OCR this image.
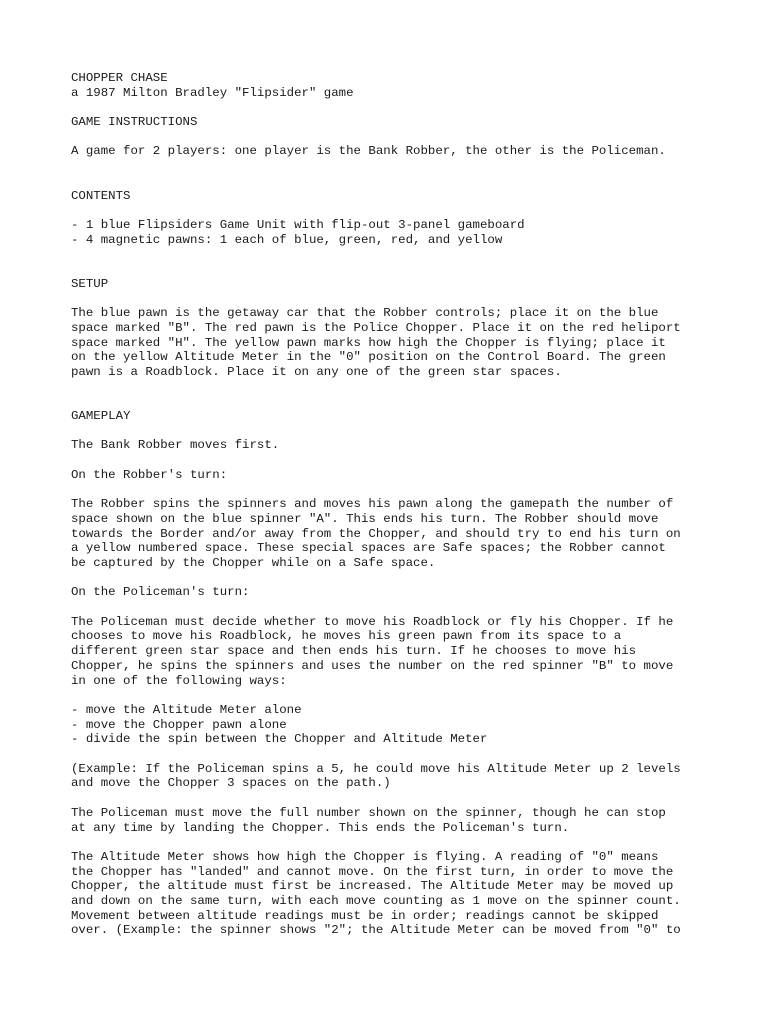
CHOPPER CHASE
a 1987 Milton Bradley "Flipsider" game
GAME INSTRUCTIONS
A game for 2 players: one player is the Bank Robber, the other is the Policeman.
CONTENTS
- 1 blue Flipsiders Game Unit with flip-out 3-panel gameboard
- 4 magnetic pawns: 1 each of blue, green, red, and yellow
SETUP
The blue pawn is the getaway car that the Robber controls; place it on the blue
space marked "B". The red pawn is the Police Chopper. Place it on the red heliport
space marked "H". The yellow pawn marks how high the Chopper is flying; place it
on the yellow Altitude Meter in the "0" position on the Control Board. The green
pawn is a Roadblock. Place it on any one of the green star spaces.
GAMEPLAY
The Bank Robber moves first.
On the Robber's turn:
The Robber spins the spinners and moves his pawn along the gamepath the number of
space shown on the blue spinner "A". This ends his turn. The Robber should move
towards the Border and/or away from the Chopper, and should try to end his turn on
a yellow numbered space. These special spaces are Safe spaces; the Robber cannot
be captured by the Chopper while on a Safe space.
On the Policeman's turn:
The Policeman must decide whether to move his Roadblock or fly his Chopper. If he
chooses to move his Roadblock, he moves his green pawn from its space to a
different green star space and then ends his turn. If he chooses to move his
Chopper, he spins the spinners and uses the number on the red spinner "B" to move
in one of the following ways:
- move the Altitude Meter alone
- move the Chopper pawn alone
- divide the spin between the Chopper and Altitude Meter
(Example: If the Policeman spins a 5, he could move his Altitude Meter up 2 levels
and move the Chopper 3 spaces on the path.)
The Policeman must move the full number shown on the spinner, though he can stop
at any time by landing the Chopper. This ends the Policeman's turn.
The Altitude Meter shows how high the Chopper is flying. A reading of "0" means
the Chopper has "landed" and cannot move. On the first turn, in order to move the
Chopper, the altitude must first be increased. The Altitude Meter may be moved up
and down on the same turn, with each move counting as 1 move on the spinner count.
Movement between altitude readings must be in order; readings cannot be skipped
over. (Example: the spinner shows "2"; the Altitude Meter can be moved from "0" to
